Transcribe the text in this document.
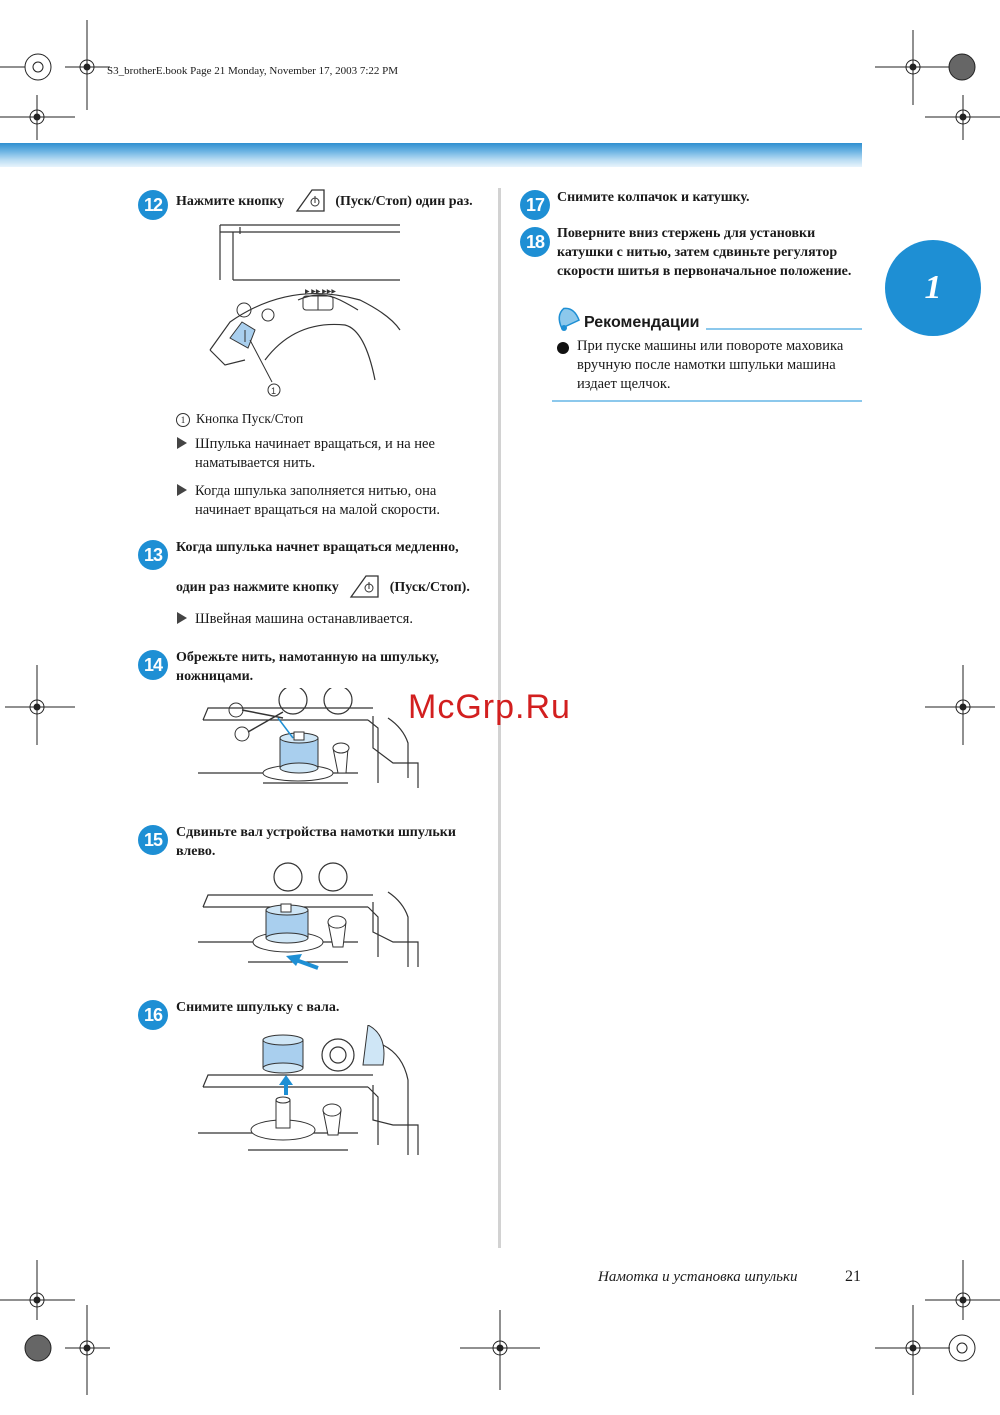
S3_brotherE.book Page 21 Monday, November 17, 2003 7:22 PM
1
12 Нажмите кнопку	(Пуск/Стоп) один раз.
▶ ▶▶ ▶▶▶
1
1 Кнопка Пуск/Стоп
Шпулька начинает вращаться, и на нее наматывается нить.
Когда шпулька заполняется нитью, она начинает вращаться на малой скорости.
13 Когда шпулька начнет вращаться медленно,
один раз нажмите кнопку	(Пуск/Стоп).
Швейная машина останавливается.
14 Обрежьте нить, намотанную на шпульку, ножницами.
15 Сдвиньте вал устройства намотки шпульки влево.
16 Снимите шпульку с вала.
17 Снимите колпачок и катушку.
18 Поверните вниз стержень для установки катушки с нитью, затем сдвиньте регулятор скорости шитья в первоначальное положение.
Рекомендации
При пуске машины или повороте маховика вручную после намотки шпульки машина издает щелчок.
McGrp.Ru
Намотка и установка шпульки	21
